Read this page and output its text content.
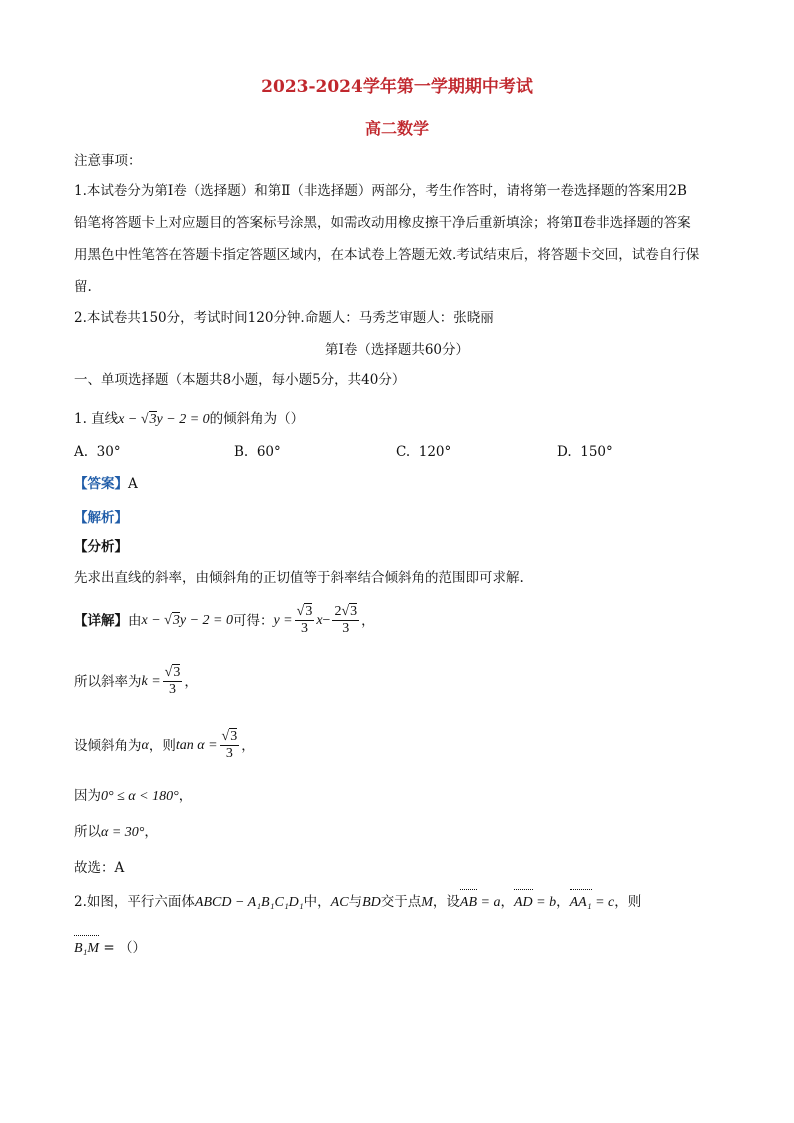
2023-2024学年第一学期期中考试
高二数学
注意事项：
1.本试卷分为第Ⅰ卷（选择题）和第Ⅱ（非选择题）两部分，考生作答时，请将第一卷选择题的答案用2B
铅笔将答题卡上对应题目的答案标号涂黑，如需改动用橡皮擦干净后重新填涂；将第Ⅱ卷非选择题的答案
用黑色中性笔答在答题卡指定答题区域内，在本试卷上答题无效.考试结束后，将答题卡交回，试卷自行保
留.
2.本试卷共150分，考试时间120分钟.命题人：马秀芝审题人：张晓丽
第Ⅰ卷（选择题共60分）
一、单项选择题（本题共8小题，每小题5分，共40分）
1. 直线x − √3y − 2 = 0的倾斜角为（）
A. 30°	B. 60°	C. 120°	D. 150°
【答案】A
【解析】
【分析】
先求出直线的斜率，由倾斜角的正切值等于斜率结合倾斜角的范围即可求解.
【详解】 由 x − √3y − 2 = 0 可得： $y = \frac{√3}{3}$ $x - \frac{2√3}{3}$ ，
所以斜率为 $k = \frac{√3}{3}$ ，
设倾斜角为 α ，则 $\tan \alpha = \frac{√3}{3}$ ，
因为0° ≤ α < 180°，
所以α = 30°，
故选：A
2.如图，平行六面体ABCD − A₁B₁C₁D₁中，AC与BD交于点M，设AB = a，AD = b，AA₁ = c，则
B₁M = （）
